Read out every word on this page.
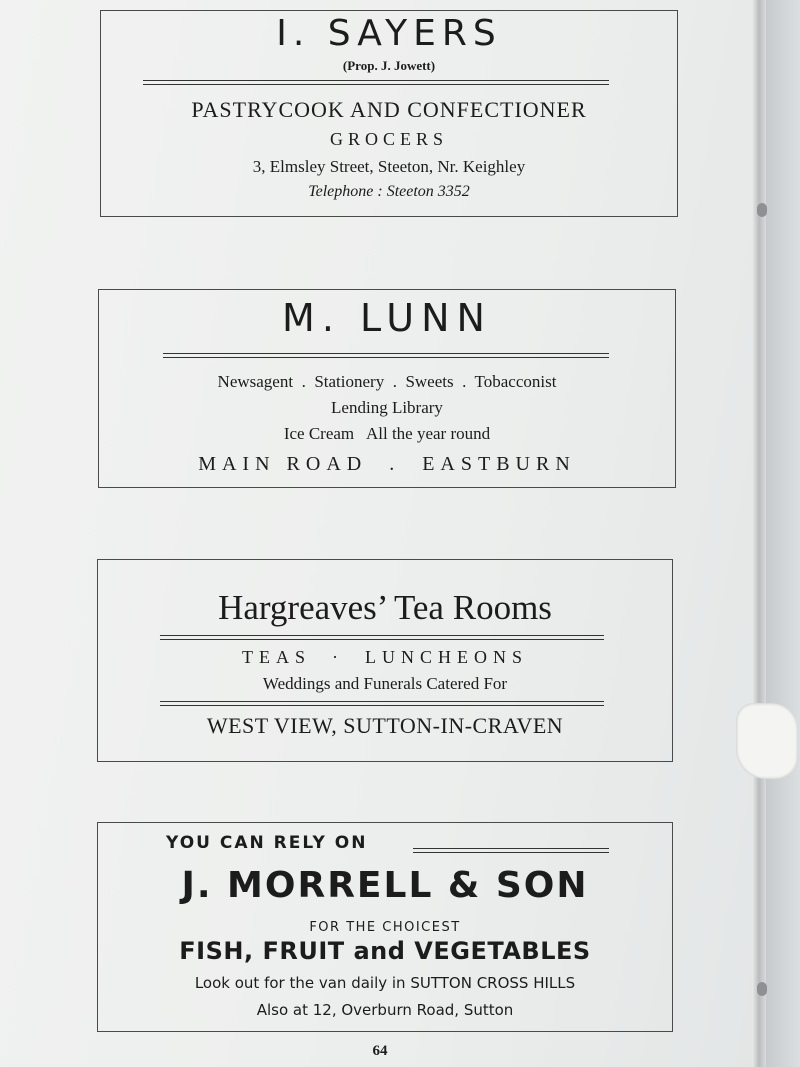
I. SAYERS
(Prop. J. Jowett)
PASTRYCOOK AND CONFECTIONER
GROCERS
3, Elmsley Street, Steeton, Nr. Keighley
Telephone : Steeton 3352
M. LUNN
Newsagent  .  Stationery  .  Sweets  .  Tobacconist
Lending Library
Ice Cream   All the year round
MAIN ROAD  .  EASTBURN
Hargreaves’ Tea Rooms
TEAS  ·  LUNCHEONS
Weddings and Funerals Catered For
WEST VIEW, SUTTON-IN-CRAVEN
YOU CAN RELY ON
J. MORRELL & SON
FOR THE CHOICEST
FISH, FRUIT and VEGETABLES
Look out for the van daily in SUTTON CROSS HILLS
Also at 12, Overburn Road, Sutton
64
